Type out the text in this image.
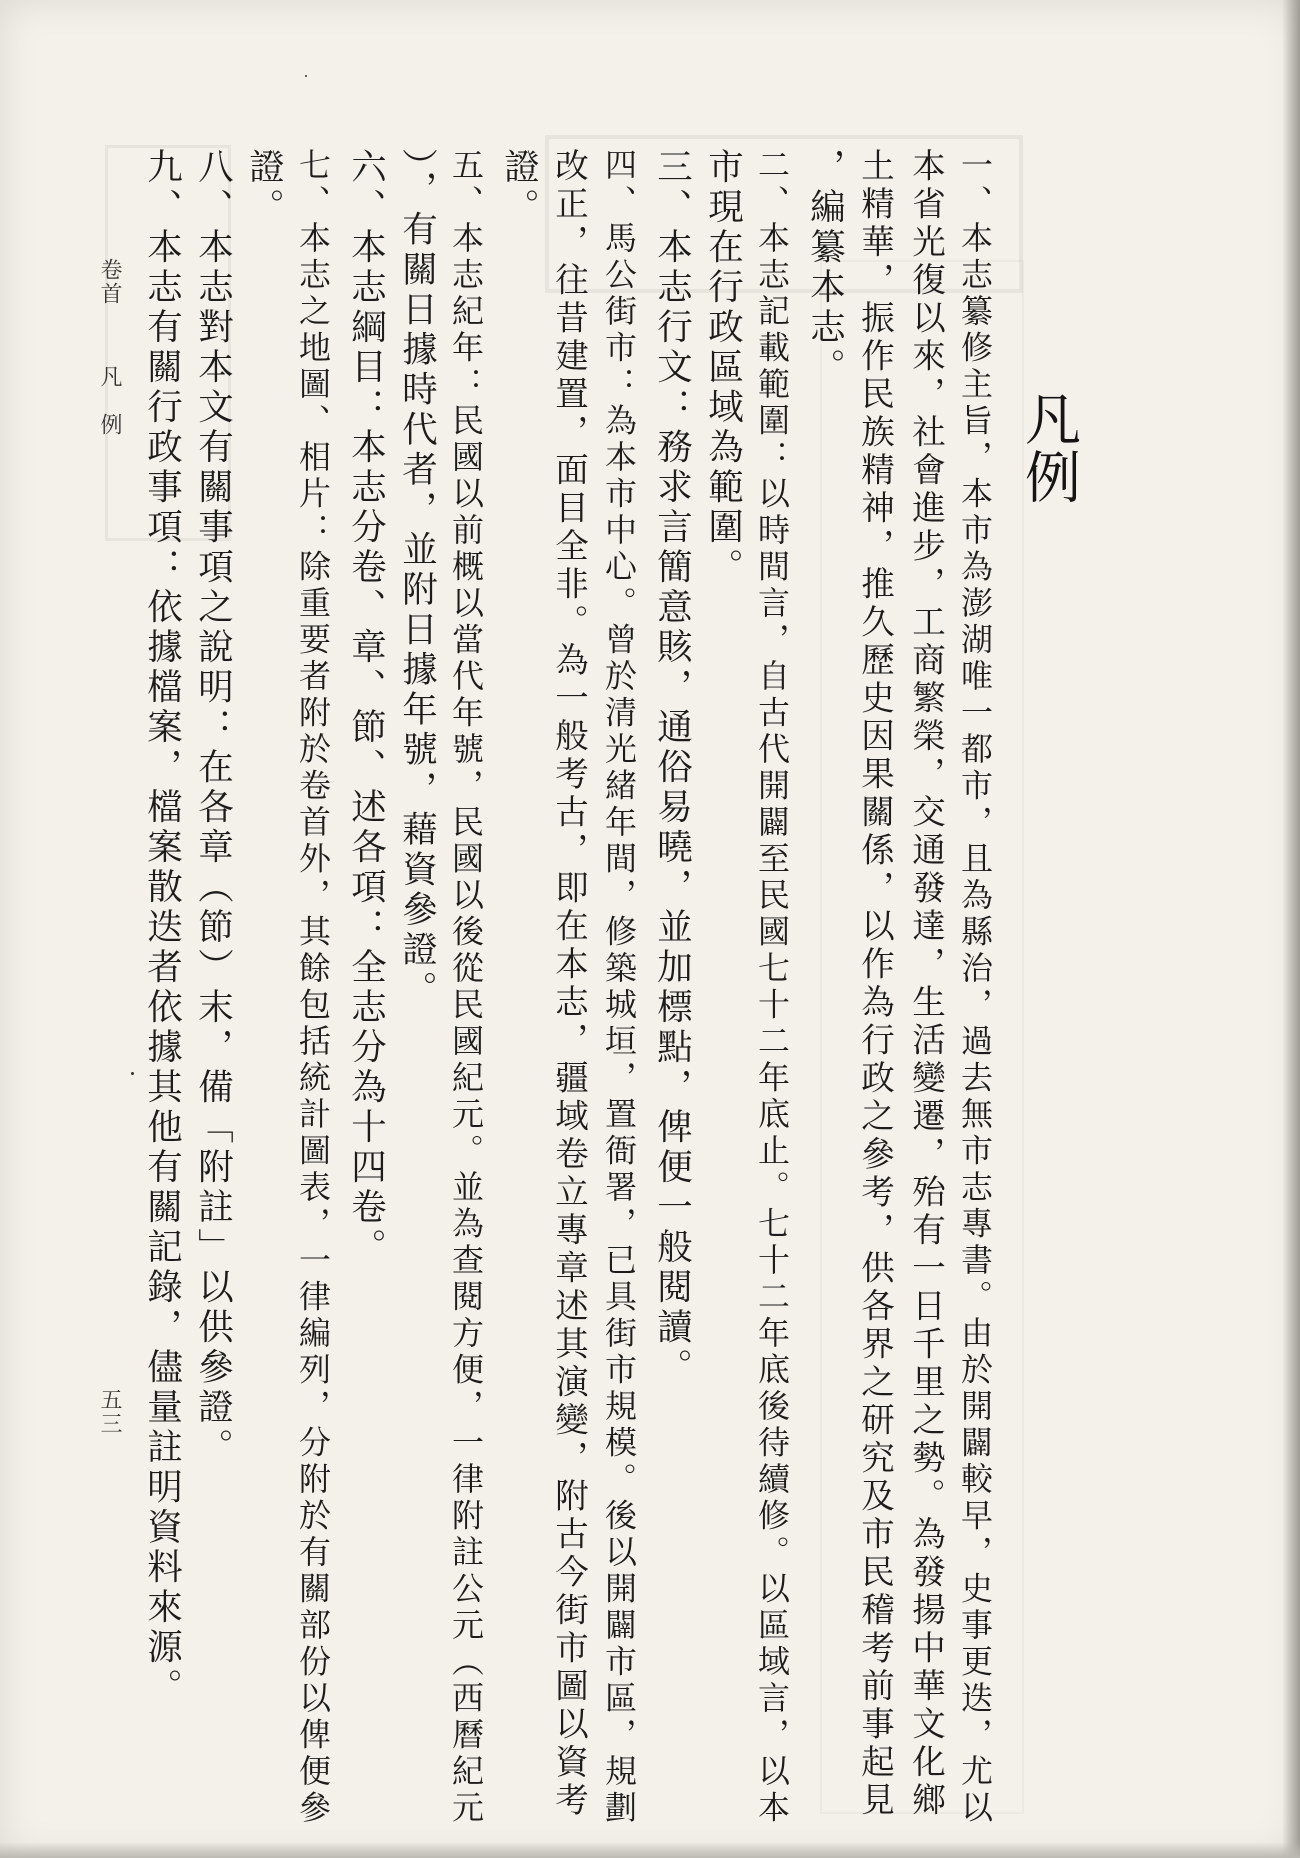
凡例
一、本志纂修主旨，本市為澎湖唯一都市，且為縣治，過去無市志專書。由於開闢較早，史事更迭，尤以
本省光復以來，社會進步，工商繁榮，交通發達，生活變遷，殆有一日千里之勢。為發揚中華文化鄉
土精華，振作民族精神，推久歷史因果關係，以作為行政之參考，供各界之研究及市民稽考前事起見
，編纂本志。
二、本志記載範圍：以時間言，自古代開闢至民國七十二年底止。七十二年底後待續修。以區域言，以本
市現在行政區域為範圍。
三、本志行文：務求言簡意賅，通俗易曉，並加標點，俾便一般閱讀。
四、馬公街市：為本市中心。曾於清光緒年間，修築城垣，置衙署，已具街市規模。後以開闢市區，規劃
改正，往昔建置，面目全非。為一般考古，即在本志，疆域卷立專章述其演變，附古今街市圖以資考
證。
五、本志紀年：民國以前概以當代年號，民國以後從民國紀元。並為查閱方便，一律附註公元（西曆紀元
），有關日據時代者，並附日據年號，藉資參證。
六、本志綱目：本志分卷、章、節、述各項：全志分為十四卷。
七、本志之地圖、相片：除重要者附於卷首外，其餘包括統計圖表，一律編列，分附於有關部份以俾便參
證。
八、本志對本文有關事項之說明：在各章（節）末，備「附註」以供參證。
九、本志有關行政事項：依據檔案，檔案散迭者依據其他有關記錄，儘量註明資料來源。
卷首
凡　例
五三
